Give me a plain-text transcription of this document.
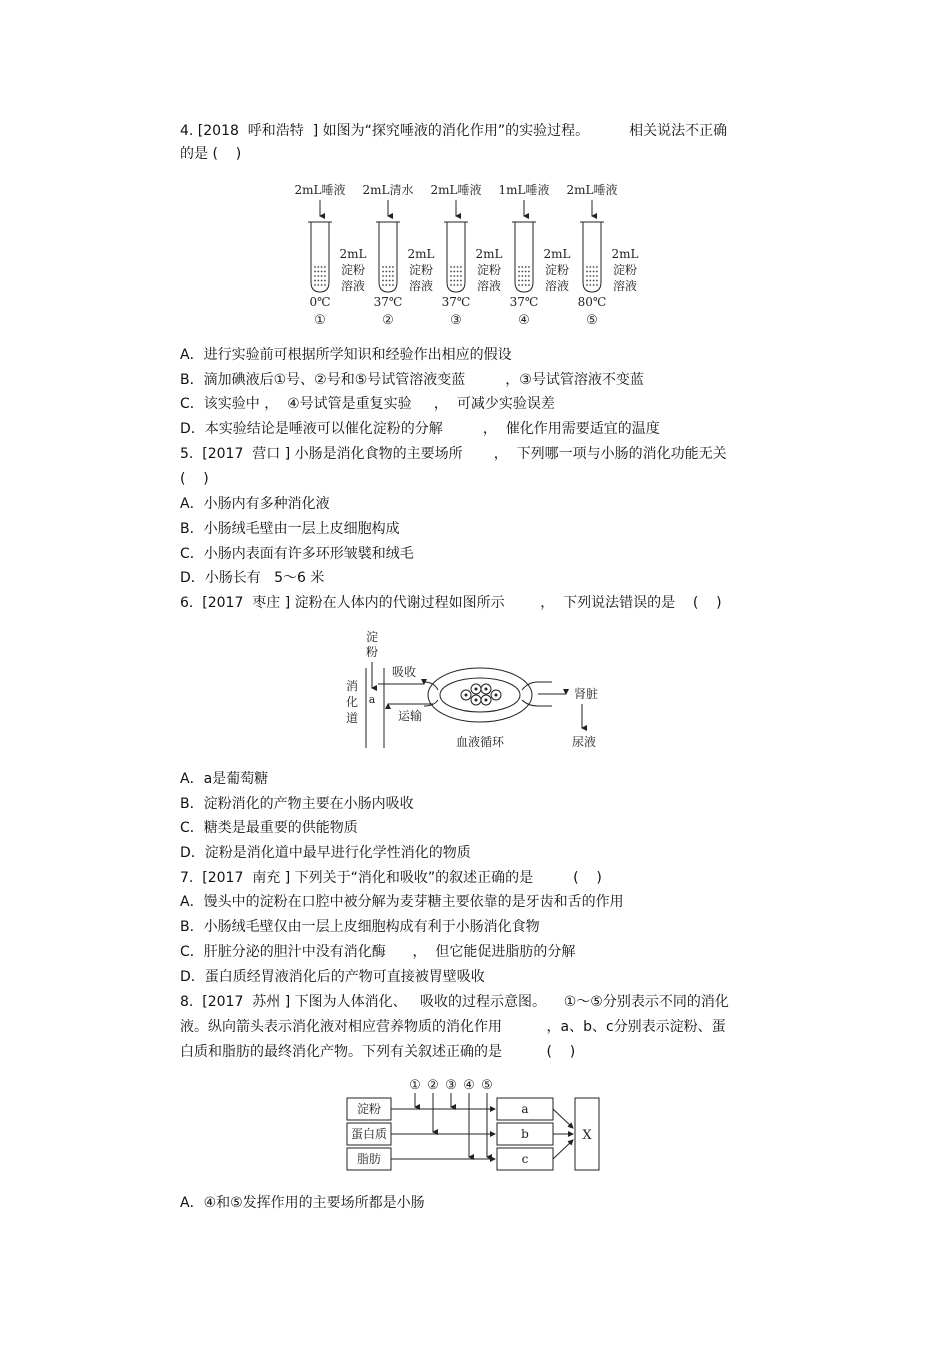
4. [2018  呼和浩特  ] 如图为“探究唾液的消化作用”的实验过程。         相关说法不正确
的是 (    )
2mL唾液
2mL
淀粉
溶液
0℃
①
2mL清水
2mL
淀粉
溶液
37℃
②
2mL唾液
2mL
淀粉
溶液
37℃
③
1mL唾液
2mL
淀粉
溶液
37℃
④
2mL唾液
2mL
淀粉
溶液
80℃
⑤
A．进行实验前可根据所学知识和经验作出相应的假设
B．滴加碘液后①号、②号和⑤号试管溶液变蓝         ，③号试管溶液不变蓝
C．该实验中 ，  ④号试管是重复实验     ，  可减少实验误差
D．本实验结论是唾液可以催化淀粉的分解         ，  催化作用需要适宜的温度
5.  [2017  营口 ] 小肠是消化食物的主要场所       ，  下列哪一项与小肠的消化功能无关
(    )
A．小肠内有多种消化液
B．小肠绒毛壁由一层上皮细胞构成
C．小肠内表面有许多环形皱襞和绒毛
D．小肠长有   5～6 米
6.  [2017  枣庄 ] 淀粉在人体内的代谢过程如图所示        ，  下列说法错误的是    (    )
淀
粉
消
化
道
a
吸收
运输
肾脏
尿液
血液循环
A．a是葡萄糖
B．淀粉消化的产物主要在小肠内吸收
C．糖类是最重要的供能物质
D．淀粉是消化道中最早进行化学性消化的物质
7.  [2017  南充 ] 下列关于“消化和吸收”的叙述正确的是         (    )
A．馒头中的淀粉在口腔中被分解为麦芽糖主要依靠的是牙齿和舌的作用
B．小肠绒毛壁仅由一层上皮细胞构成有利于小肠消化食物
C．肝脏分泌的胆汁中没有消化酶      ，  但它能促进脂肪的分解
D．蛋白质经胃液消化后的产物可直接被胃壁吸收
8.  [2017  苏州 ] 下图为人体消化、   吸收的过程示意图。    ①～⑤分别表示不同的消化
液。纵向箭头表示消化液对相应营养物质的消化作用          ，a、b、c分别表示淀粉、蛋
白质和脂肪的最终消化产物。下列有关叙述正确的是          (    )
① ② ③ ④ ⑤
淀粉
蛋白质
脂肪
a
b
c
X
A．④和⑤发挥作用的主要场所都是小肠
